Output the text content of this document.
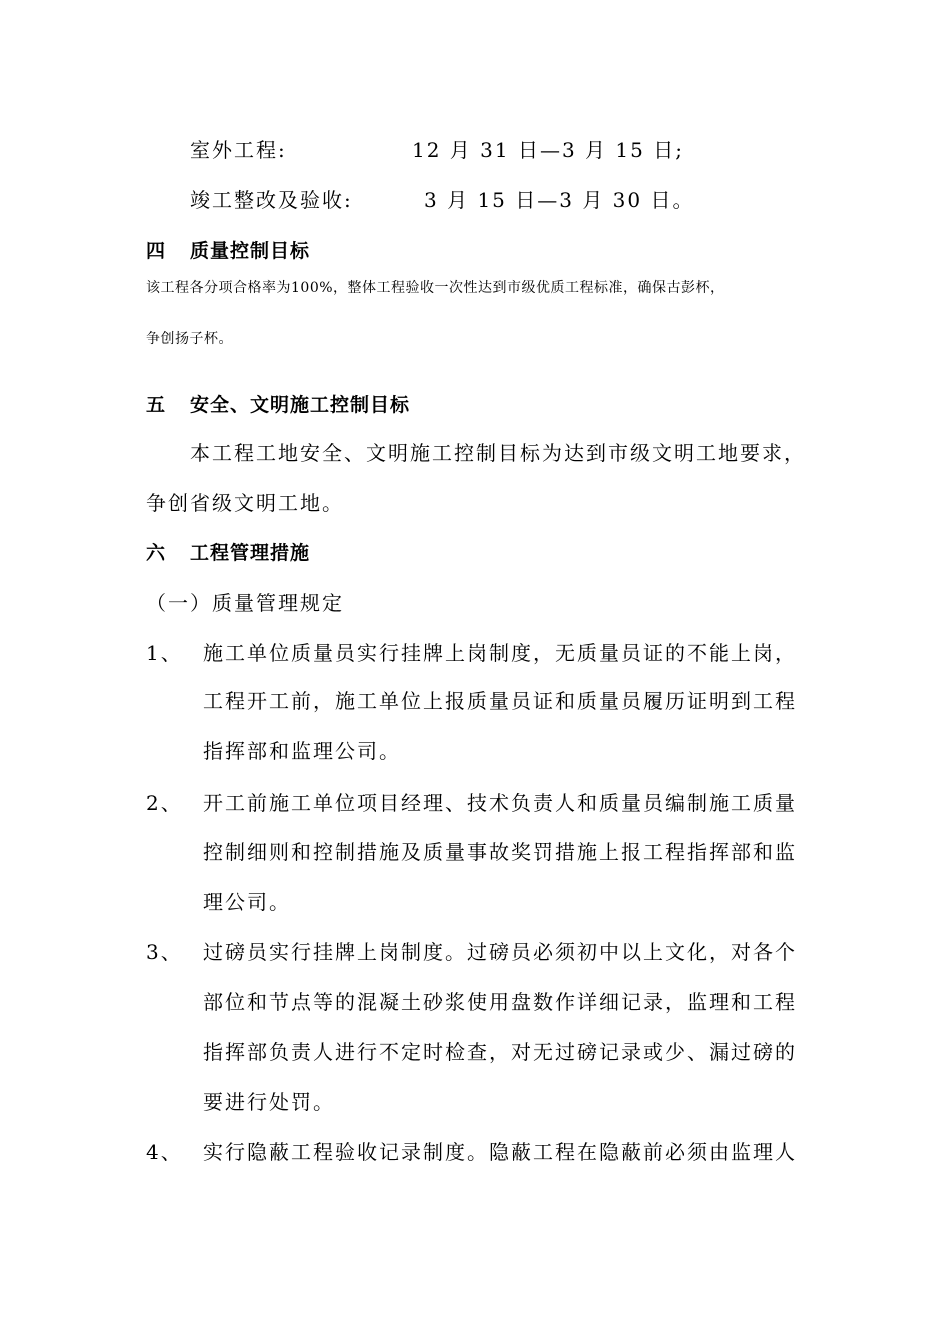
室外工程:	12 月 31 日—3 月 15 日;
竣工整改及验收:	3 月 15 日—3 月 30 日。
四 质量控制目标
该工程各分项合格率为100%，整体工程验收一次性达到市级优质工程标准，确保古彭杯，
争创扬子杯。
五 安全、文明施工控制目标
本工程工地安全、文明施工控制目标为达到市级文明工地要求，
争创省级文明工地。
六 工程管理措施
（一）质量管理规定
1、 施工单位质量员实行挂牌上岗制度，无质量员证的不能上岗，
工程开工前，施工单位上报质量员证和质量员履历证明到工程
指挥部和监理公司。
2、 开工前施工单位项目经理、技术负责人和质量员编制施工质量
控制细则和控制措施及质量事故奖罚措施上报工程指挥部和监
理公司。
3、 过磅员实行挂牌上岗制度。过磅员必须初中以上文化，对各个
部位和节点等的混凝土砂浆使用盘数作详细记录，监理和工程
指挥部负责人进行不定时检查，对无过磅记录或少、漏过磅的
要进行处罚。
4、 实行隐蔽工程验收记录制度。隐蔽工程在隐蔽前必须由监理人
